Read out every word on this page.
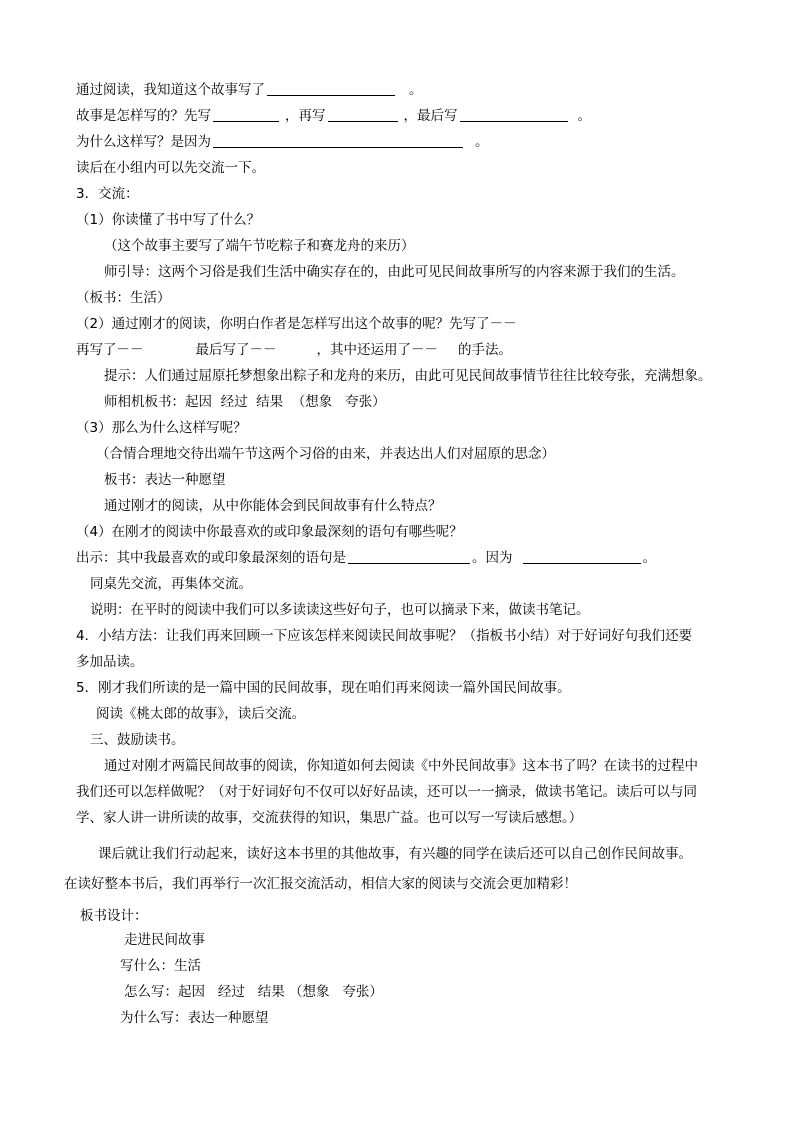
通过阅读，我知道这个故事写了	。
故事是怎样写的？先写	，再写	，最后写	。
为什么这样写？是因为	。
读后在小组内可以先交流一下。
3．交流：
（1）你读懂了书中写了什么？
（这个故事主要写了端午节吃粽子和赛龙舟的来历）
师引导：这两个习俗是我们生活中确实存在的，由此可见民间故事所写的内容来源于我们的生活。
（板书：生活）
（2）通过刚才的阅读，你明白作者是怎样写出这个故事的呢？先写了－－
再写了－－	最后写了－－	，其中还运用了－－ 的手法。
提示：人们通过屈原托梦想象出粽子和龙舟的来历，由此可见民间故事情节往往比较夸张，充满想象。
师相机板书：起因  经过  结果  （想象   夸张）
（3）那么为什么这样写呢？
（合情合理地交待出端午节这两个习俗的由来，并表达出人们对屈原的思念）
板书：表达一种愿望
通过刚才的阅读，从中你能体会到民间故事有什么特点？
（4）在刚才的阅读中你最喜欢的或印象最深刻的语句有哪些呢？
出示：其中我最喜欢的或印象最深刻的语句是	。因为	。
同桌先交流，再集体交流。
说明：在平时的阅读中我们可以多读读这些好句子，也可以摘录下来，做读书笔记。
4．小结方法：让我们再来回顾一下应该怎样来阅读民间故事呢？（指板书小结）对于好词好句我们还要
多加品读。
5．刚才我们所读的是一篇中国的民间故事，现在咱们再来阅读一篇外国民间故事。
阅读《桃太郎的故事》，读后交流。
三、鼓励读书。
通过对刚才两篇民间故事的阅读，你知道如何去阅读《中外民间故事》这本书了吗？在读书的过程中
我们还可以怎样做呢？（对于好词好句不仅可以好好品读，还可以一一摘录，做读书笔记。读后可以与同
学、家人讲一讲所读的故事，交流获得的知识，集思广益。也可以写一写读后感想。）
课后就让我们行动起来，读好这本书里的其他故事，有兴趣的同学在读后还可以自己创作民间故事。
在读好整本书后，我们再举行一次汇报交流活动，相信大家的阅读与交流会更加精彩！
板书设计：
走进民间故事
写什么：生活
怎么写：起因   经过   结果 （想象   夸张）
为什么写：表达一种愿望
